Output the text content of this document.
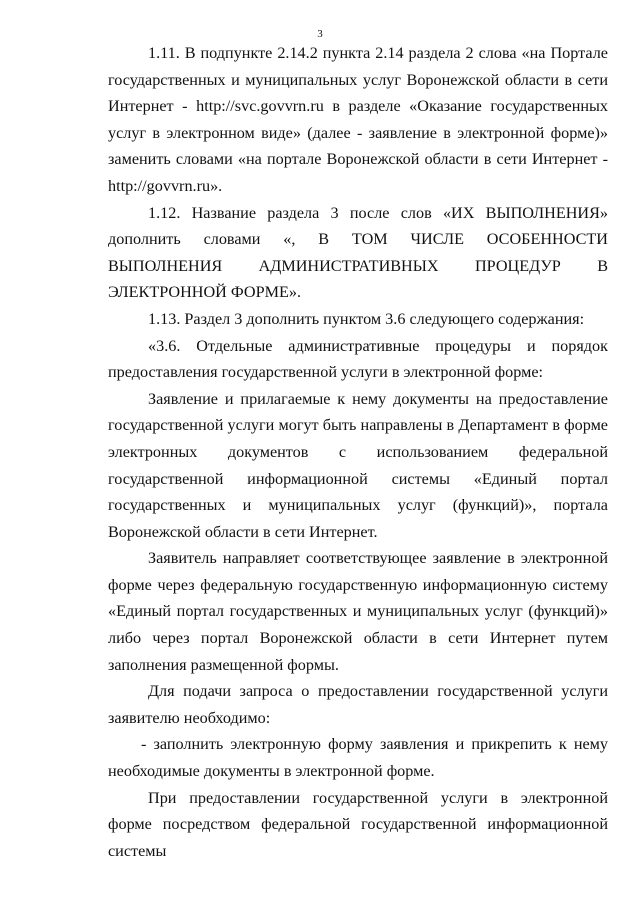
3

1.11. В подпункте 2.14.2 пункта 2.14 раздела 2 слова «на Портале государственных и муниципальных услуг Воронежской области в сети Интернет - http://svc.govvrn.ru в разделе «Оказание государственных услуг в электронном виде» (далее - заявление в электронной форме)» заменить словами «на портале Воронежской области в сети Интернет - http://govvrn.ru».

1.12. Название раздела 3 после слов «ИХ ВЫПОЛНЕНИЯ» дополнить словами «, В ТОМ ЧИСЛЕ ОСОБЕННОСТИ ВЫПОЛНЕНИЯ АДМИНИСТРАТИВНЫХ ПРОЦЕДУР В ЭЛЕКТРОННОЙ ФОРМЕ».

1.13. Раздел 3 дополнить пунктом 3.6 следующего содержания:

«3.6. Отдельные административные процедуры и порядок предоставления государственной услуги в электронной форме:

Заявление и прилагаемые к нему документы на предоставление государственной услуги могут быть направлены в Департамент в форме электронных документов с использованием федеральной государственной информационной системы «Единый портал государственных и муниципальных услуг (функций)», портала Воронежской области в сети Интернет.

Заявитель направляет соответствующее заявление в электронной форме через федеральную государственную информационную систему «Единый портал государственных и муниципальных услуг (функций)» либо через портал Воронежской области в сети Интернет путем заполнения размещенной формы.

Для подачи запроса о предоставлении государственной услуги заявителю необходимо:

- заполнить электронную форму заявления и прикрепить к нему необходимые документы в электронной форме.

При предоставлении государственной услуги в электронной форме посредством федеральной государственной информационной системы
